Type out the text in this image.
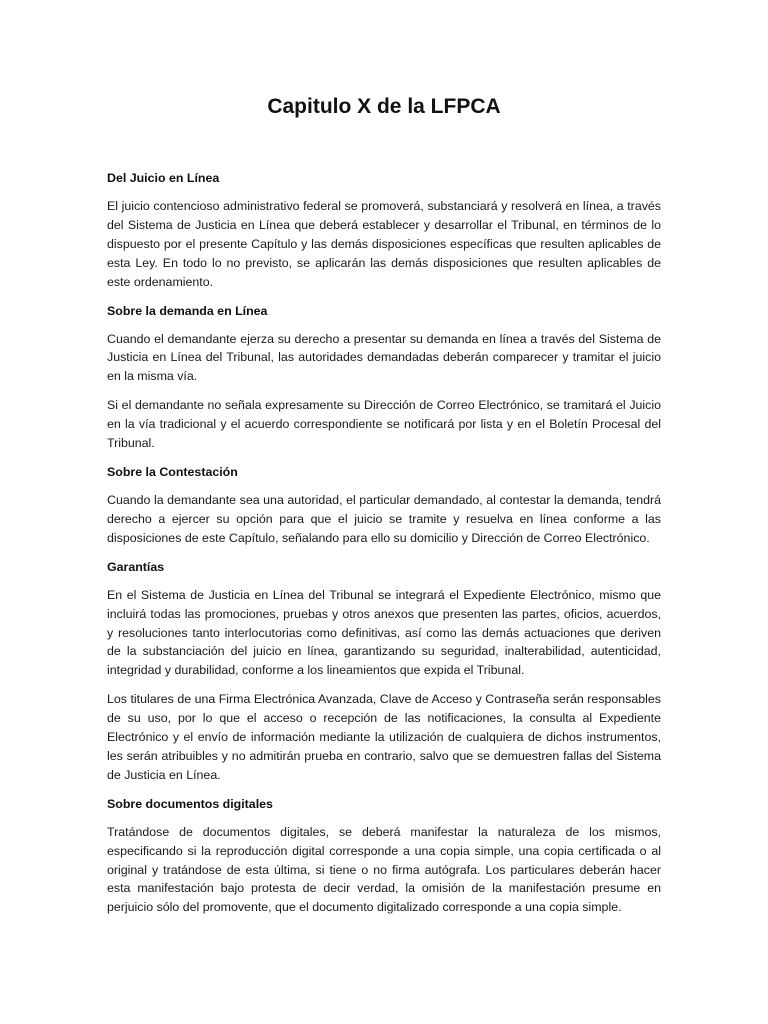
Capitulo X de la LFPCA

Del Juicio en Línea

El juicio contencioso administrativo federal se promoverá, substanciará y resolverá en línea, a través del Sistema de Justicia en Línea que deberá establecer y desarrollar el Tribunal, en términos de lo dispuesto por el presente Capítulo y las demás disposiciones específicas que resulten aplicables de esta Ley. En todo lo no previsto, se aplicarán las demás disposiciones que resulten aplicables de este ordenamiento.

Sobre la demanda en Línea

Cuando el demandante ejerza su derecho a presentar su demanda en línea a través del Sistema de Justicia en Línea del Tribunal, las autoridades demandadas deberán comparecer y tramitar el juicio en la misma vía.

Si el demandante no señala expresamente su Dirección de Correo Electrónico, se tramitará el Juicio en la vía tradicional y el acuerdo correspondiente se notificará por lista y en el Boletín Procesal del Tribunal.

Sobre la Contestación

Cuando la demandante sea una autoridad, el particular demandado, al contestar la demanda, tendrá derecho a ejercer su opción para que el juicio se tramite y resuelva en línea conforme a las disposiciones de este Capítulo, señalando para ello su domicilio y Dirección de Correo Electrónico.

Garantías

En el Sistema de Justicia en Línea del Tribunal se integrará el Expediente Electrónico, mismo que incluirá todas las promociones, pruebas y otros anexos que presenten las partes, oficios, acuerdos, y resoluciones tanto interlocutorias como definitivas, así como las demás actuaciones que deriven de la substanciación del juicio en línea, garantizando su seguridad, inalterabilidad, autenticidad, integridad y durabilidad, conforme a los lineamientos que expida el Tribunal.

Los titulares de una Firma Electrónica Avanzada, Clave de Acceso y Contraseña serán responsables de su uso, por lo que el acceso o recepción de las notificaciones, la consulta al Expediente Electrónico y el envío de información mediante la utilización de cualquiera de dichos instrumentos, les serán atribuibles y no admitirán prueba en contrario, salvo que se demuestren fallas del Sistema de Justicia en Línea.

Sobre documentos digitales

Tratándose de documentos digitales, se deberá manifestar la naturaleza de los mismos, especificando si la reproducción digital corresponde a una copia simple, una copia certificada o al original y tratándose de esta última, si tiene o no firma autógrafa. Los particulares deberán hacer esta manifestación bajo protesta de decir verdad, la omisión de la manifestación presume en perjuicio sólo del promovente, que el documento digitalizado corresponde a una copia simple.
